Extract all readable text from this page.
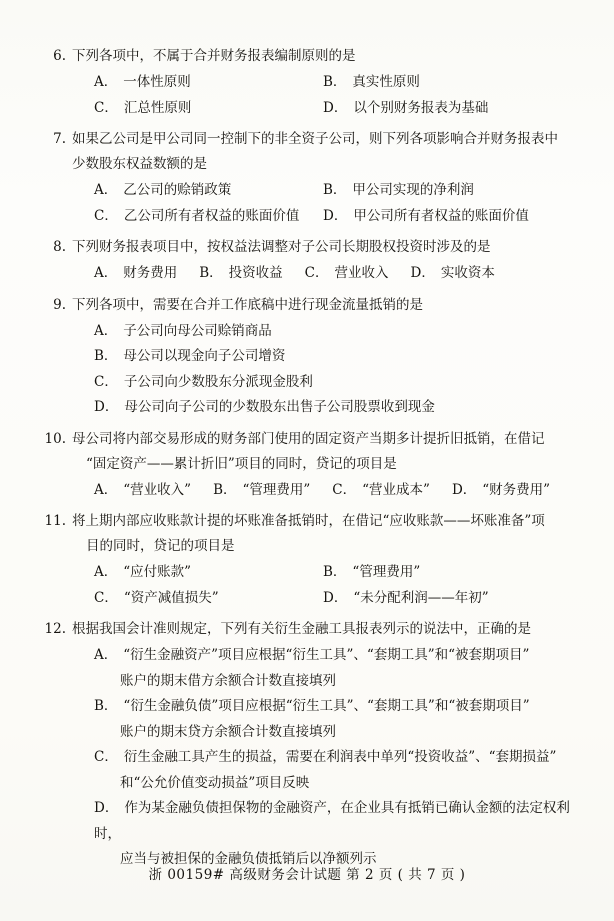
6. 下列各项中，不属于合并财务报表编制原则的是
A． 一体性原则	B． 真实性原则
C． 汇总性原则	D． 以个别财务报表为基础
7. 如果乙公司是甲公司同一控制下的非全资子公司，则下列各项影响合并财务报表中
少数股东权益数额的是
A． 乙公司的赊销政策	B． 甲公司实现的净利润
C． 乙公司所有者权益的账面价值	D． 甲公司所有者权益的账面价值
8. 下列财务报表项目中，按权益法调整对子公司长期股权投资时涉及的是
A． 财务费用 B． 投资收益 C． 营业收入 D． 实收资本
9. 下列各项中，需要在合并工作底稿中进行现金流量抵销的是
A． 子公司向母公司赊销商品
B． 母公司以现金向子公司增资
C． 子公司向少数股东分派现金股利
D． 母公司向子公司的少数股东出售子公司股票收到现金
10. 母公司将内部交易形成的财务部门使用的固定资产当期多计提折旧抵销，在借记
“固定资产——累计折旧”项目的同时，贷记的项目是
A． “营业收入” B． “管理费用” C． “营业成本” D． “财务费用”
11. 将上期内部应收账款计提的坏账准备抵销时，在借记“应收账款——坏账准备”项
目的同时，贷记的项目是
A． “应付账款”	B． “管理费用”
C． “资产减值损失”	D． “未分配利润——年初”
12. 根据我国会计准则规定，下列有关衍生金融工具报表列示的说法中，正确的是
A． “衍生金融资产”项目应根据“衍生工具”、“套期工具”和“被套期项目”
账户的期末借方余额合计数直接填列
B． “衍生金融负债”项目应根据“衍生工具”、“套期工具”和“被套期项目”
账户的期末贷方余额合计数直接填列
C． 衍生金融工具产生的损益，需要在利润表中单列“投资收益”、“套期损益”
和“公允价值变动损益”项目反映
D． 作为某金融负债担保物的金融资产，在企业具有抵销已确认金额的法定权利时，
应当与被担保的金融负债抵销后以净额列示
浙 00159# 高级财务会计试题 第 2 页 ( 共 7 页 )
